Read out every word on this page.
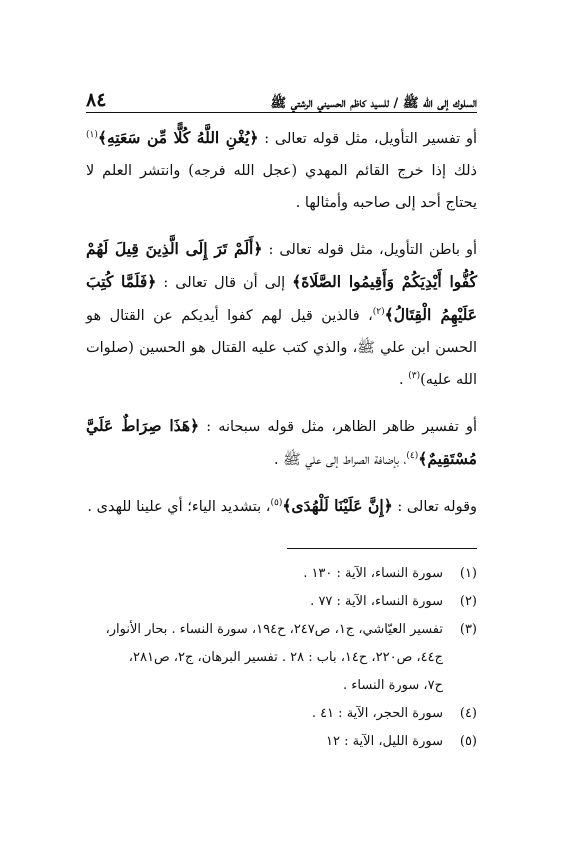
السلوك إلى الله ﷺ / للسيد كاظم الحسيني الرشتي ﷺ
٨٤

أو تفسير التأويل، مثل قوله تعالى : ﴿يُغْنِ اللَّهُ كُلًّا مِّن سَعَتِهِ﴾$^{(١)}$ ذلك إذا خرج القائم المهدي (عجل الله فرجه) وانتشر العلم لا يحتاج أحد إلى صاحبه وأمثالها .

أو باطن التأويل، مثل قوله تعالى : ﴿أَلَمْ تَرَ إِلَى الَّذِينَ قِيلَ لَهُمْ كُفُّوا أَيْدِيَكُمْ وَأَقِيمُوا الصَّلَاةَ﴾ إلى أن قال تعالى : ﴿فَلَمَّا كُتِبَ عَلَيْهِمُ الْقِتَالُ﴾$^{(٢)}$، فالذين قيل لهم كفوا أيديكم عن القتال هو الحسن ابن علي ﷺ، والذي كتب عليه القتال هو الحسين (صلوات الله عليه)$^{(٣)}$ .

أو تفسير ظاهر الظاهر، مثل قوله سبحانه : ﴿هَذَا صِرَاطٌ عَلَيَّ مُسْتَقِيمٌ﴾$^{(٤)}$، بإضافة الصراط إلى علي ﷺ .

وقوله تعالى : ﴿إِنَّ عَلَيْنَا لَلْهُدَى﴾$^{(٥)}$، بتشديد الياء؛ أي علينا للهدى .

(١)
سورة النساء، الآية : ١٣٠ .
(٢)
سورة النساء، الآية : ٧٧ .
(٣)
تفسير العيّاشي، ج١، ص٢٤٧، ح١٩٤، سورة النساء . بحار الأنوار،
ج٤٤، ص٢٢٠، ح١٤، باب : ٢٨ . تفسير البرهان، ج٢، ص٢٨١،
ح٧، سورة النساء .
(٤)
سورة الحجر، الآية : ٤١ .
(٥)
سورة الليل، الآية : ١٢
